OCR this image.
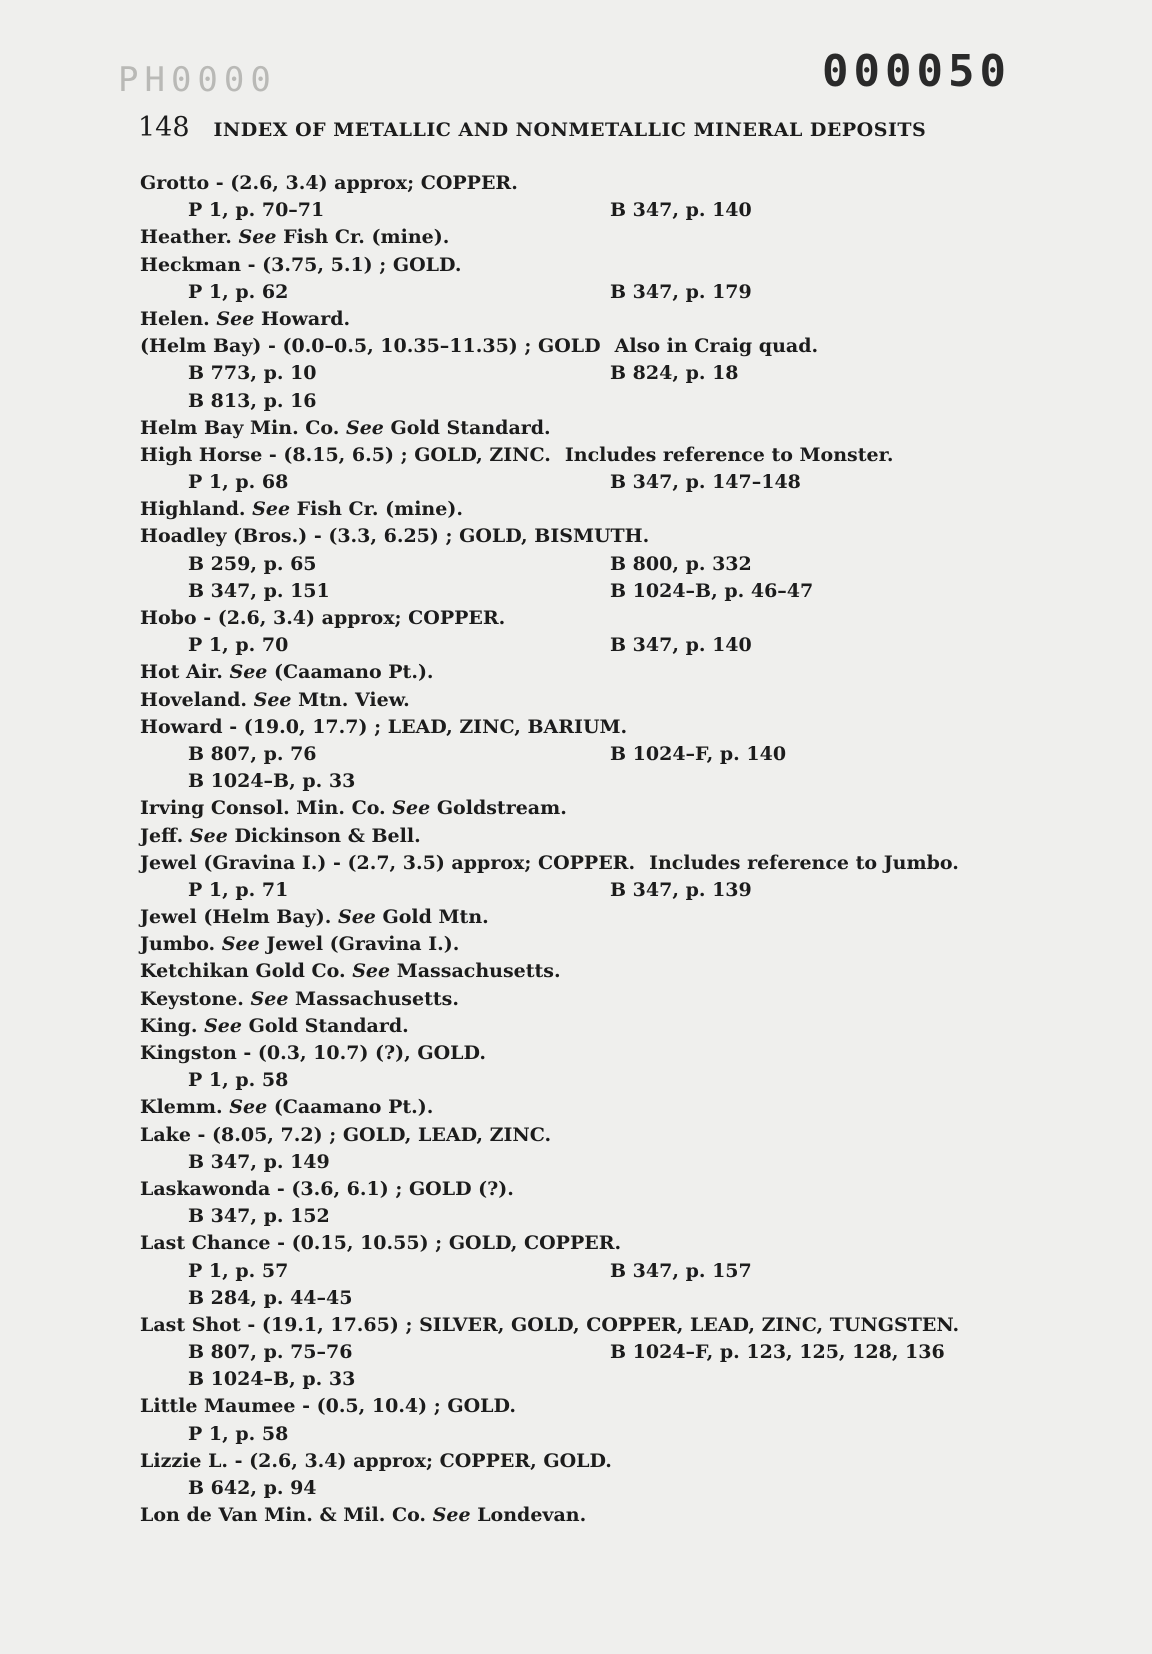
PH0000	000050
148 INDEX OF METALLIC AND NONMETALLIC MINERAL DEPOSITS
Grotto - (2.6, 3.4) approx; COPPER.
P 1, p. 70–71	B 347, p. 140
Heather. See Fish Cr. (mine).
Heckman - (3.75, 5.1) ; GOLD.
P 1, p. 62	B 347, p. 179
Helen. See Howard.
(Helm Bay) - (0.0–0.5, 10.35–11.35) ; GOLD Also in Craig quad.
B 773, p. 10	B 824, p. 18
B 813, p. 16
Helm Bay Min. Co. See Gold Standard.
High Horse - (8.15, 6.5) ; GOLD, ZINC. Includes reference to Monster.
P 1, p. 68	B 347, p. 147–148
Highland. See Fish Cr. (mine).
Hoadley (Bros.) - (3.3, 6.25) ; GOLD, BISMUTH.
B 259, p. 65	B 800, p. 332
B 347, p. 151	B 1024–B, p. 46–47
Hobo - (2.6, 3.4) approx; COPPER.
P 1, p. 70	B 347, p. 140
Hot Air. See (Caamano Pt.).
Hoveland. See Mtn. View.
Howard - (19.0, 17.7) ; LEAD, ZINC, BARIUM.
B 807, p. 76	B 1024–F, p. 140
B 1024–B, p. 33
Irving Consol. Min. Co. See Goldstream.
Jeff. See Dickinson & Bell.
Jewel (Gravina I.) - (2.7, 3.5) approx; COPPER. Includes reference to Jumbo.
P 1, p. 71	B 347, p. 139
Jewel (Helm Bay). See Gold Mtn.
Jumbo. See Jewel (Gravina I.).
Ketchikan Gold Co. See Massachusetts.
Keystone. See Massachusetts.
King. See Gold Standard.
Kingston - (0.3, 10.7) (?), GOLD.
P 1, p. 58
Klemm. See (Caamano Pt.).
Lake - (8.05, 7.2) ; GOLD, LEAD, ZINC.
B 347, p. 149
Laskawonda - (3.6, 6.1) ; GOLD (?).
B 347, p. 152
Last Chance - (0.15, 10.55) ; GOLD, COPPER.
P 1, p. 57	B 347, p. 157
B 284, p. 44–45
Last Shot - (19.1, 17.65) ; SILVER, GOLD, COPPER, LEAD, ZINC, TUNGSTEN.
B 807, p. 75–76	B 1024–F, p. 123, 125, 128, 136
B 1024–B, p. 33
Little Maumee - (0.5, 10.4) ; GOLD.
P 1, p. 58
Lizzie L. - (2.6, 3.4) approx; COPPER, GOLD.
B 642, p. 94
Lon de Van Min. & Mil. Co. See Londevan.
